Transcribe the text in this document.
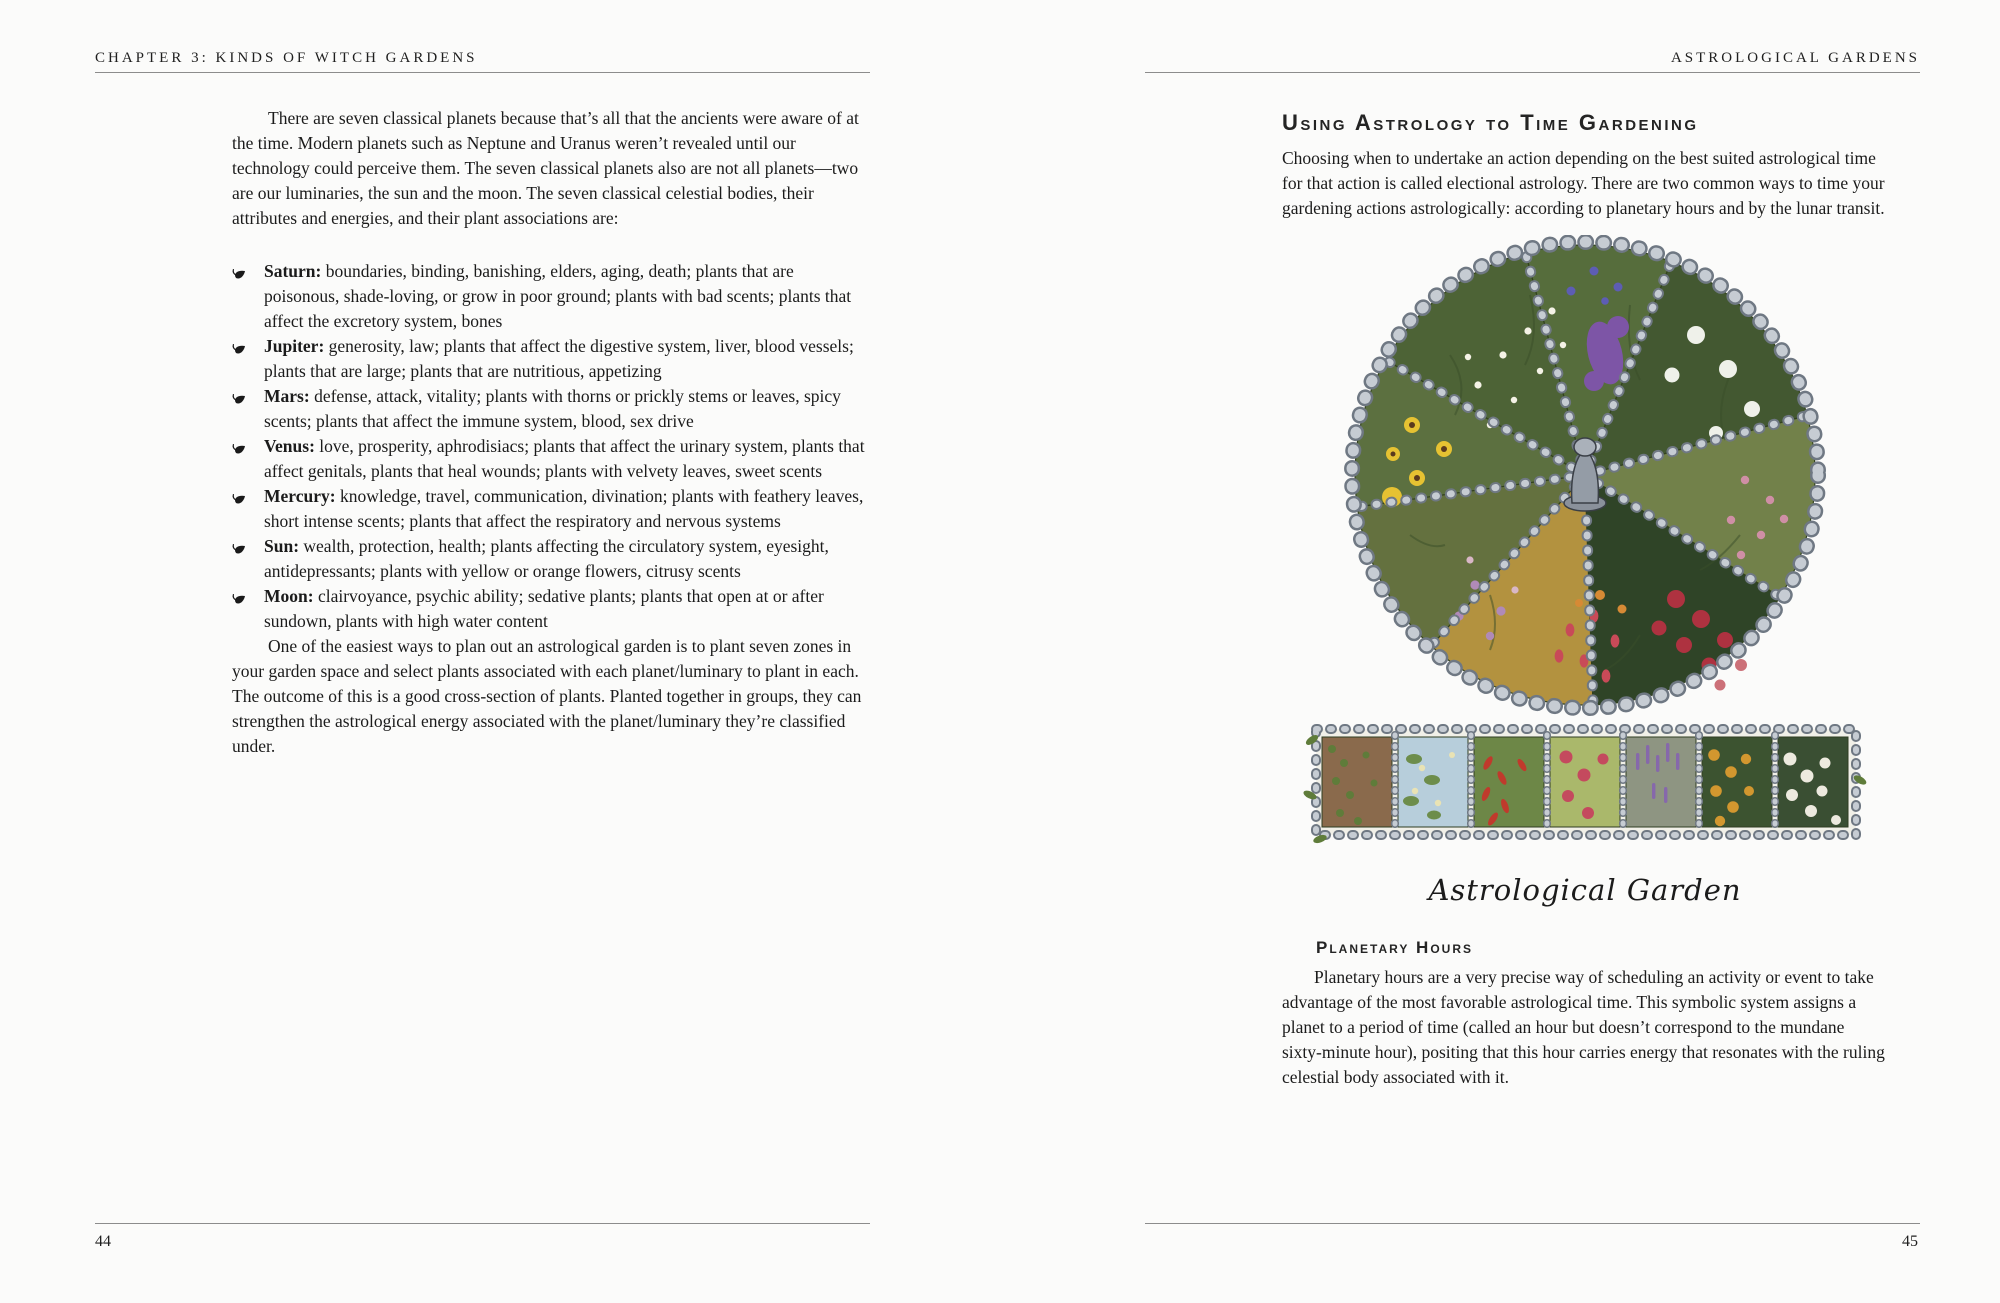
CHAPTER 3: KINDS OF WITCH GARDENS

There are seven classical planets because that’s all that the ancients were aware of at the time. Modern planets such as Neptune and Uranus weren’t revealed until our technology could perceive them. The seven classical planets also are not all planets—two are our luminaries, the sun and the moon. The seven classical celestial bodies, their attributes and energies, and their plant associations are:

Saturn: boundaries, binding, banishing, elders, aging, death; plants that are poisonous, shade-loving, or grow in poor ground; plants with bad scents; plants that affect the excretory system, bones
Jupiter: generosity, law; plants that affect the digestive system, liver, blood vessels; plants that are large; plants that are nutritious, appetizing
Mars: defense, attack, vitality; plants with thorns or prickly stems or leaves, spicy scents; plants that affect the immune system, blood, sex drive
Venus: love, prosperity, aphrodisiacs; plants that affect the urinary system, plants that affect genitals, plants that heal wounds; plants with velvety leaves, sweet scents
Mercury: knowledge, travel, communication, divination; plants with feathery leaves, short intense scents; plants that affect the respiratory and nervous systems
Sun: wealth, protection, health; plants affecting the circulatory system, eyesight, antidepressants; plants with yellow or orange flowers, citrusy scents
Moon: clairvoyance, psychic ability; sedative plants; plants that open at or after sundown, plants with high water content

One of the easiest ways to plan out an astrological garden is to plant seven zones in your garden space and select plants associated with each planet/luminary to plant in each. The outcome of this is a good cross-section of plants. Planted together in groups, they can strengthen the astrological energy associated with the planet/luminary they’re classified under.

44
ASTROLOGICAL GARDENS
Using Astrology to Time Gardening

Choosing when to undertake an action depending on the best suited astrological time for that action is called electional astrology. There are two common ways to time your gardening actions astrologically: according to planetary hours and by the lunar transit.

Astrological Garden
Planetary Hours

Planetary hours are a very precise way of scheduling an activity or event to take advantage of the most favorable astrological time. This symbolic system assigns a planet to a period of time (called an hour but doesn’t correspond to the mundane sixty-minute hour), positing that this hour carries energy that resonates with the ruling celestial body associated with it.

45
